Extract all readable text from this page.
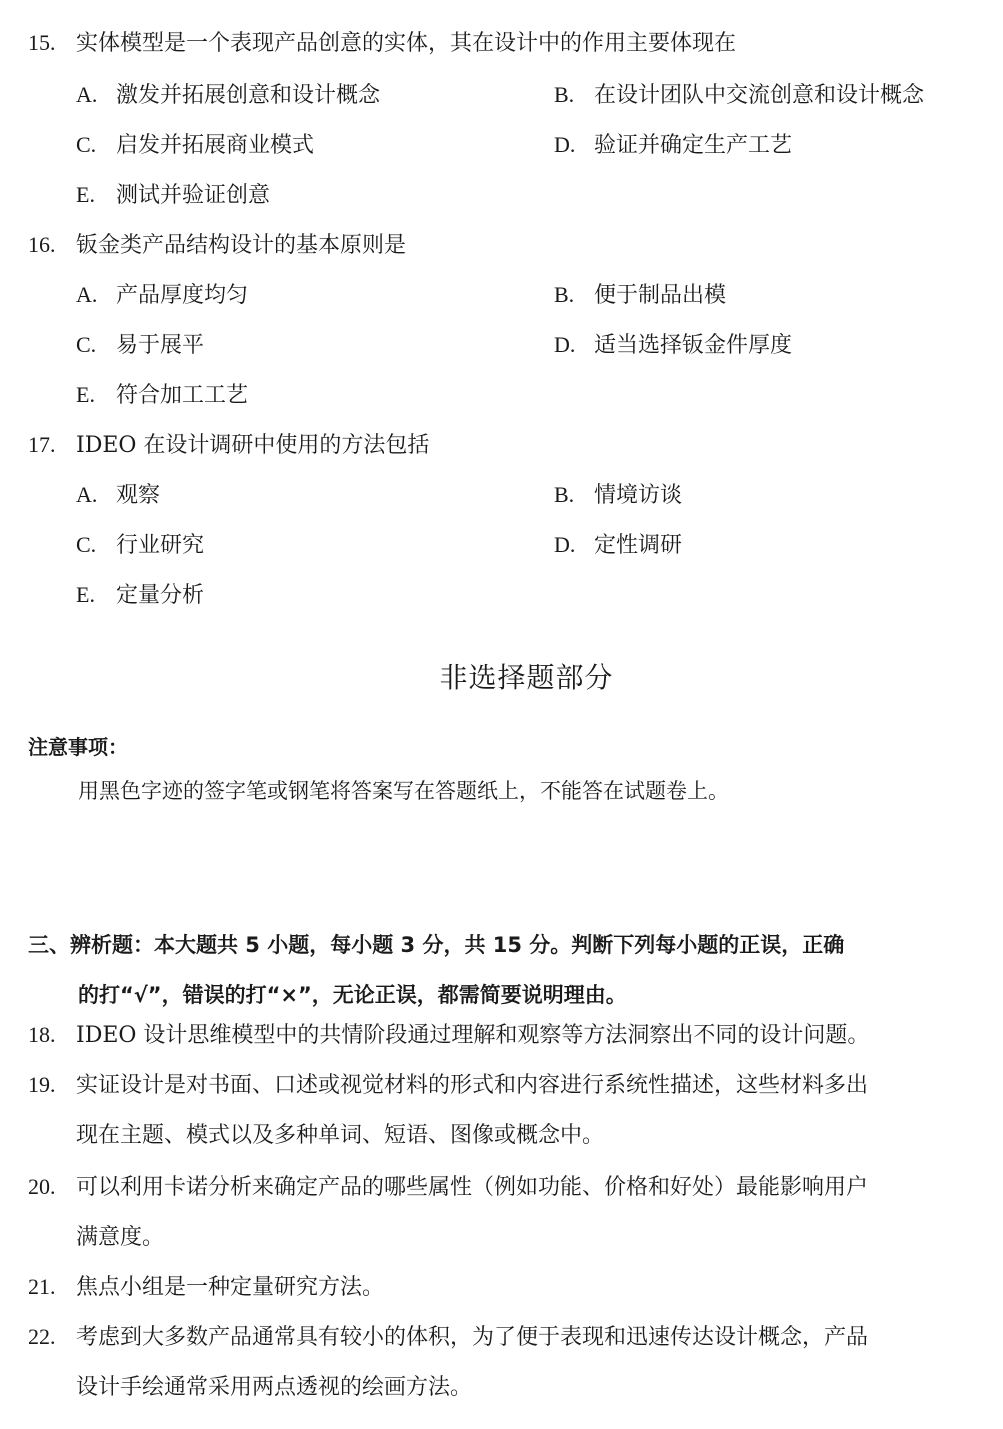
15. 实体模型是一个表现产品创意的实体，其在设计中的作用主要体现在
A. 激发并拓展创意和设计概念	B. 在设计团队中交流创意和设计概念
C. 启发并拓展商业模式	D. 验证并确定生产工艺
E. 测试并验证创意
16. 钣金类产品结构设计的基本原则是
A. 产品厚度均匀	B. 便于制品出模
C. 易于展平	D. 适当选择钣金件厚度
E. 符合加工工艺
17. IDEO 在设计调研中使用的方法包括
A. 观察	B. 情境访谈
C. 行业研究	D. 定性调研
E. 定量分析
非选择题部分
注意事项：
用黑色字迹的签字笔或钢笔将答案写在答题纸上，不能答在试题卷上。
三、辨析题：本大题共 5 小题，每小题 3 分，共 15 分。判断下列每小题的正误，正确
的打“√”，错误的打“×”，无论正误，都需简要说明理由。
18. IDEO 设计思维模型中的共情阶段通过理解和观察等方法洞察出不同的设计问题。
19. 实证设计是对书面、口述或视觉材料的形式和内容进行系统性描述，这些材料多出
现在主题、模式以及多种单词、短语、图像或概念中。
20. 可以利用卡诺分析来确定产品的哪些属性（例如功能、价格和好处）最能影响用户
满意度。
21. 焦点小组是一种定量研究方法。
22. 考虑到大多数产品通常具有较小的体积，为了便于表现和迅速传达设计概念，产品
设计手绘通常采用两点透视的绘画方法。
